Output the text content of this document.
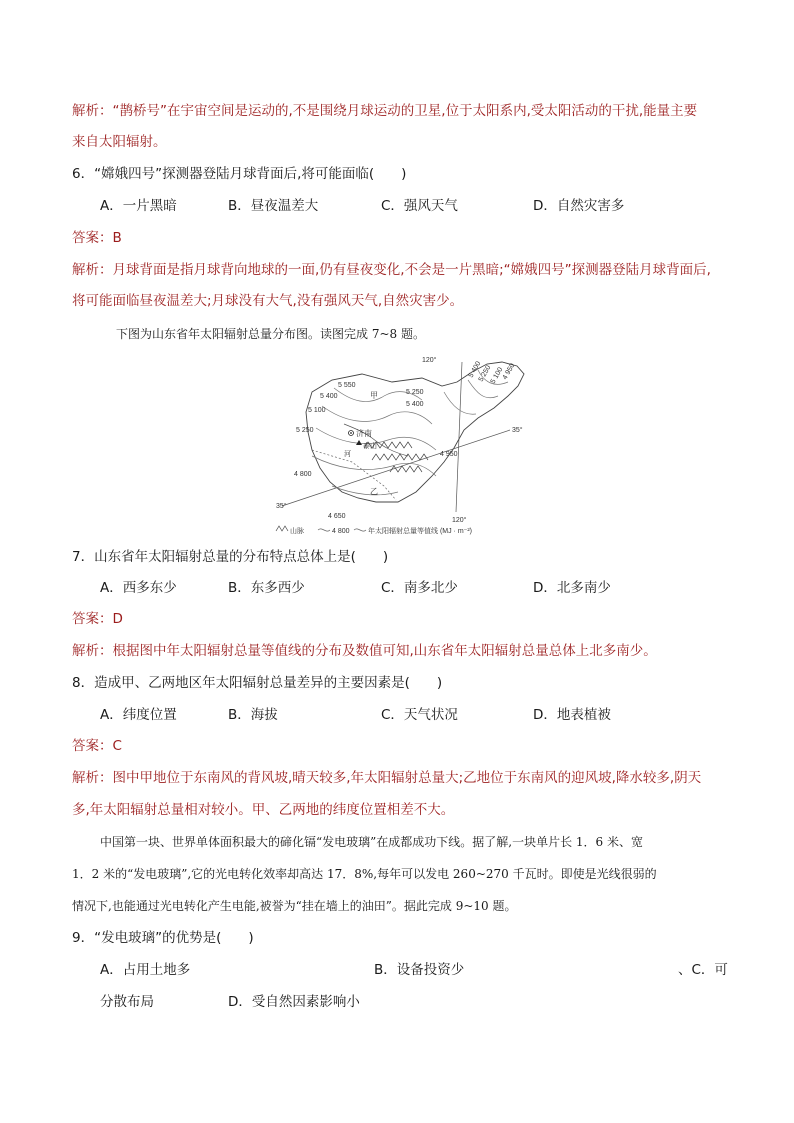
解析：“鹊桥号”在宇宙空间是运动的,不是围绕月球运动的卫星,位于太阳系内,受太阳活动的干扰,能量主要
来自太阳辐射。
6．“嫦娥四号”探测器登陆月球背面后,将可能面临(　　)
A．一片黑暗	B．昼夜温差大	C．强风天气	D．自然灾害多
答案：B
解析：月球背面是指月球背向地球的一面,仍有昼夜变化,不会是一片黑暗;“嫦娥四号”探测器登陆月球背面后,
将可能面临昼夜温差大;月球没有大气,没有强风天气,自然灾害少。
下图为山东省年太阳辐射总量分布图。读图完成 7~8 题。
120°
120°
35°
35°
5 550
5 400
5 100
5 250
甲	5 250
5 400
济南
泰山
河
4 800
4 950
乙
4 650
5 400
5 250
5 100
4 950
山脉	4 800	年太阳辐射总量等值线 (MJ · m⁻²)
7．山东省年太阳辐射总量的分布特点总体上是(　　)
A．西多东少	B．东多西少	C．南多北少	D．北多南少
答案：D
解析：根据图中年太阳辐射总量等值线的分布及数值可知,山东省年太阳辐射总量总体上北多南少。
8．造成甲、乙两地区年太阳辐射总量差异的主要因素是(　　)
A．纬度位置	B．海拔	C．天气状况	D．地表植被
答案：C
解析：图中甲地位于东南风的背风坡,晴天较多,年太阳辐射总量大;乙地位于东南风的迎风坡,降水较多,阴天
多,年太阳辐射总量相对较小。甲、乙两地的纬度位置相差不大。
中国第一块、世界单体面积最大的碲化镉“发电玻璃”在成都成功下线。据了解,一块单片长 1．6 米、宽
1．2 米的“发电玻璃”,它的光电转化效率却高达 17．8%,每年可以发电 260~270 千瓦时。即使是光线很弱的
情况下,也能通过光电转化产生电能,被誉为“挂在墙上的油田”。据此完成 9~10 题。
9．“发电玻璃”的优势是(　　)
A．占用土地多	B．设备投资少	、C．可
分散布局	D．受自然因素影响小
